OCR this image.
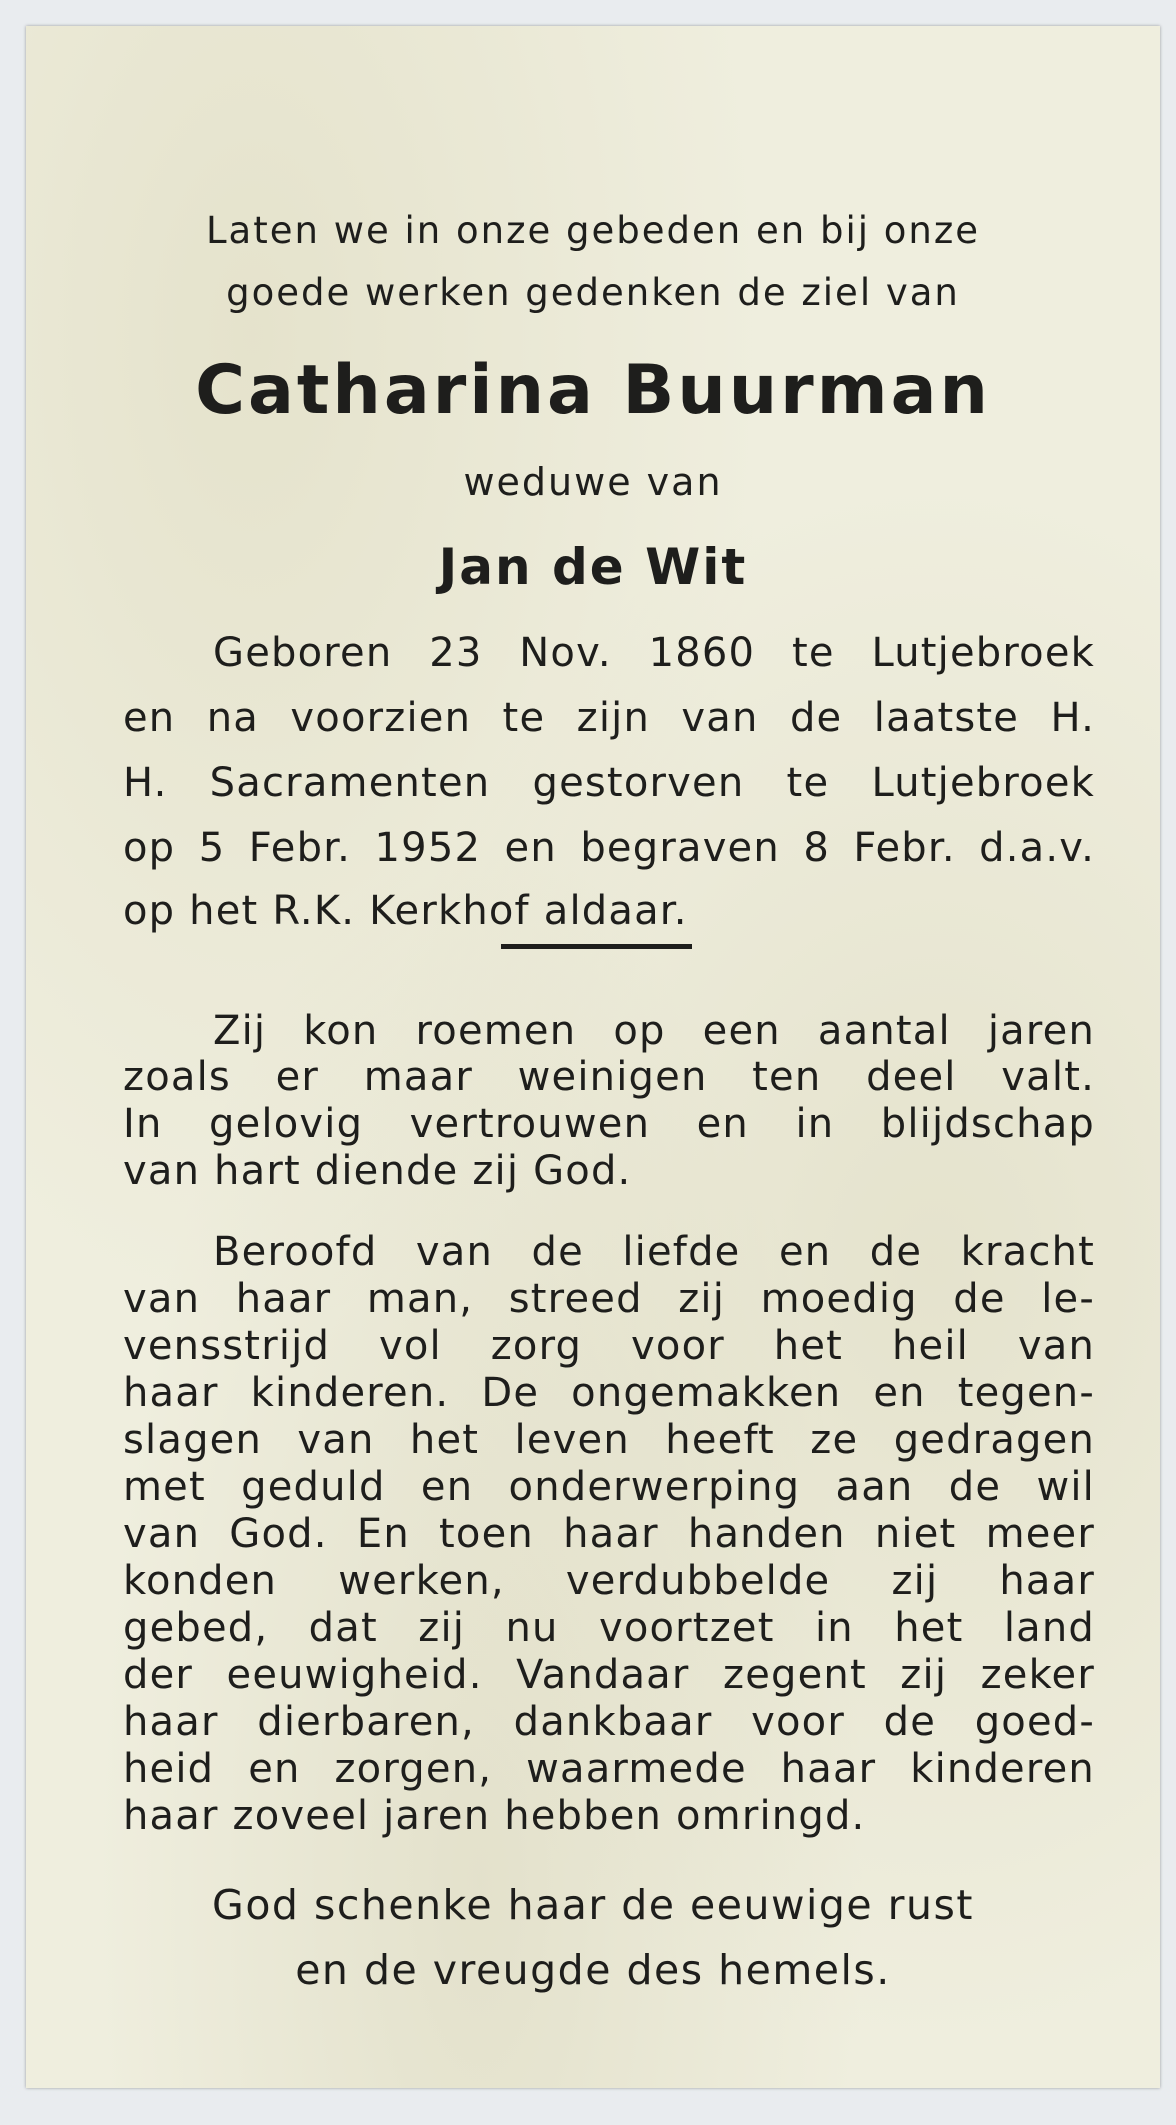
Laten we in onze gebeden en bij onze
goede werken gedenken de ziel van
Catharina Buurman
weduwe van
Jan de Wit
Geboren 23 Nov. 1860 te Lutjebroek
en na voorzien te zijn van de laatste H.
H. Sacramenten gestorven te Lutjebroek
op 5 Febr. 1952 en begraven 8 Febr. d.a.v.
op het R.K. Kerkhof aldaar.
Zij kon roemen op een aantal jaren
zoals er maar weinigen ten deel valt.
In gelovig vertrouwen en in blijdschap
van hart diende zij God.
Beroofd van de liefde en de kracht
van haar man, streed zij moedig de le-
vensstrijd vol zorg voor het heil van
haar kinderen. De ongemakken en tegen-
slagen van het leven heeft ze gedragen
met geduld en onderwerping aan de wil
van God. En toen haar handen niet meer
konden werken, verdubbelde zij haar
gebed, dat zij nu voortzet in het land
der eeuwigheid. Vandaar zegent zij zeker
haar dierbaren, dankbaar voor de goed-
heid en zorgen, waarmede haar kinderen
haar zoveel jaren hebben omringd.
God schenke haar de eeuwige rust
en de vreugde des hemels.
